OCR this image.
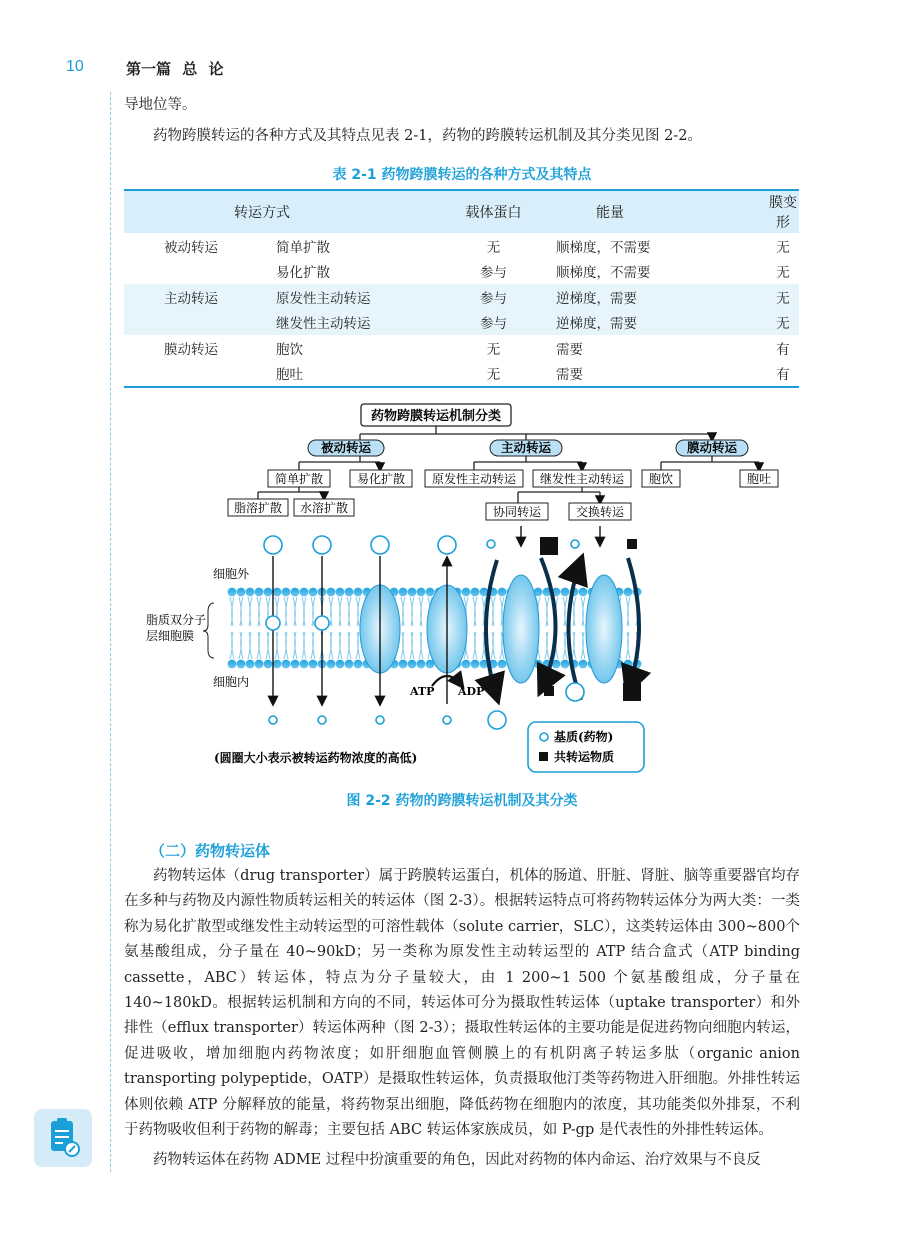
10	第一篇 总 论
导地位等。
药物跨膜转运的各种方式及其特点见表 2-1，药物的跨膜转运机制及其分类见图 2-2。
表 2-1 药物跨膜转运的各种方式及其特点
转运方式		载体蛋白	能量	膜变形
被动转运	简单扩散	无	顺梯度，不需要	无
	易化扩散	参与	顺梯度，不需要	无
主动转运	原发性主动转运	参与	逆梯度，需要	无
	继发性主动转运	参与	逆梯度，需要	无
膜动转运	胞饮	无	需要	有
	胞吐	无	需要	有
药物跨膜转运机制分类
被动转运	主动转运	膜动转运
简单扩散	易化扩散 原发性主动转运 继发性主动转运 胞饮	胞吐
脂溶扩散 水溶扩散	协同转运	交换转运
细胞外
脂质双分子
层细胞膜
细胞内
ATP ADP
(圆圈大小表示被转运药物浓度的高低)
基质(药物)
共转运物质
图 2-2 药物的跨膜转运机制及其分类
（二）药物转运体
药物转运体（drug transporter）属于跨膜转运蛋白，机体的肠道、肝脏、肾脏、脑等重要器官均存在多种与药物及内源性物质转运相关的转运体（图 2-3）。根据转运特点可将药物转运体分为两大类：一类称为易化扩散型或继发性主动转运型的可溶性载体（solute carrier，SLC），这类转运体由 300~800个氨基酸组成，分子量在 40~90kD；另一类称为原发性主动转运型的 ATP 结合盒式（ATP binding cassette，ABC）转运体，特点为分子量较大，由 1 200~1 500 个氨基酸组成，分子量在 140~180kD。根据转运机制和方向的不同，转运体可分为摄取性转运体（uptake transporter）和外排性（efflux transporter）转运体两种（图 2-3）；摄取性转运体的主要功能是促进药物向细胞内转运，促进吸收，增加细胞内药物浓度；如肝细胞血管侧膜上的有机阴离子转运多肽（organic anion transporting polypeptide，OATP）是摄取性转运体，负责摄取他汀类等药物进入肝细胞。外排性转运体则依赖 ATP 分解释放的能量，将药物泵出细胞，降低药物在细胞内的浓度，其功能类似外排泵，不利于药物吸收但利于药物的解毒；主要包括 ABC 转运体家族成员，如 P-gp 是代表性的外排性转运体。
药物转运体在药物 ADME 过程中扮演重要的角色，因此对药物的体内命运、治疗效果与不良反
